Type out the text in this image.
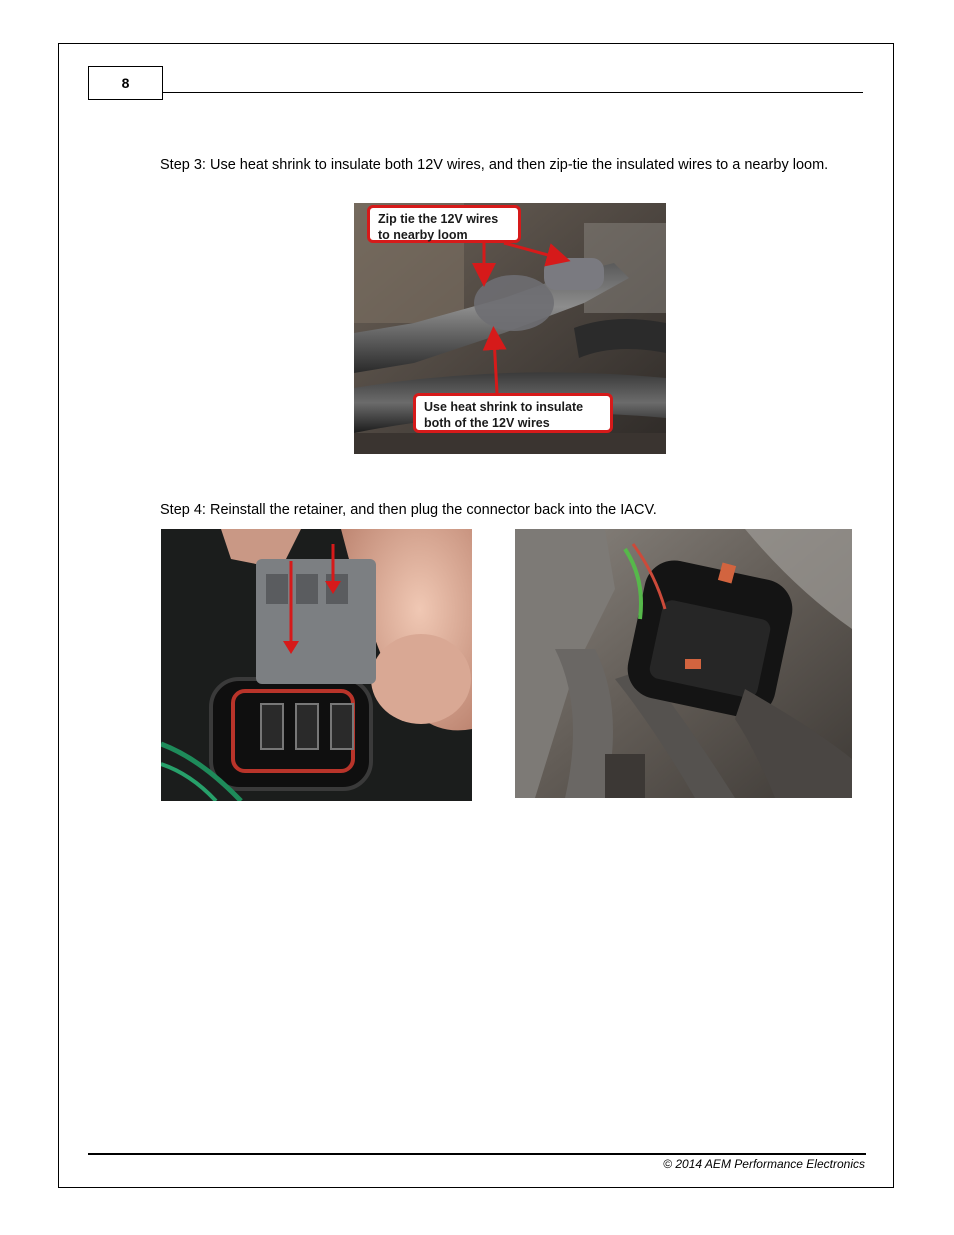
8
Step 3: Use heat shrink to insulate both 12V wires, and then zip-tie the insulated wires to a nearby loom.
Zip tie the 12V wires
to nearby loom
Use heat shrink to insulate
both of the 12V wires
Step 4: Reinstall the retainer, and then plug the connector back into the IACV.
© 2014 AEM Performance Electronics
